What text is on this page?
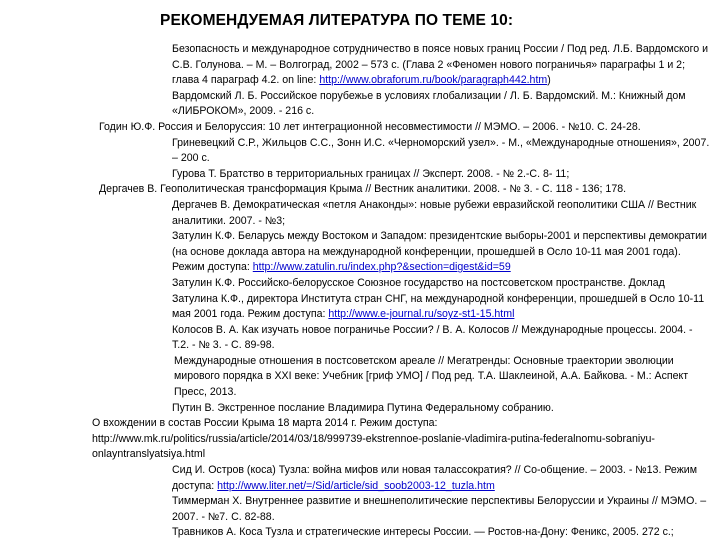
РЕКОМЕНДУЕМАЯ ЛИТЕРАТУРА ПО ТЕМЕ 10:

Безопасность и международное сотрудничество в поясе новых границ России / Под ред. Л.Б. Вардомского и С.В. Голунова. – М. – Волгоград, 2002 – 573 с. (Глава 2 «Феномен нового пограничья» параграфы 1 и 2; глава 4 параграф 4.2. on line: http://www.obraforum.ru/book/paragraph442.htm)

Вардомский Л. Б. Российское порубежье в условиях глобализации / Л. Б. Вардомский. М.: Книжный дом «ЛИБРОКОМ», 2009. - 216 с.

Годин Ю.Ф. Россия и Белоруссия: 10 лет интеграционной несовместимости // МЭМО. – 2006. - №10. С. 24-28.

Гриневецкий С.Р., Жильцов С.С., Зонн И.С. «Черноморский узел». - М., «Международные отношения», 2007. – 200 с.

Гурова Т. Братство в территориальных границах // Эксперт. 2008. - № 2.-С. 8- 11;

Дергачев В. Геополитическая трансформация Крыма // Вестник аналитики. 2008. - № 3. - С. 118 - 136; 178.

Дергачев В. Демократическая «петля Анаконды»: новые рубежи евразийской геополитики США // Вестник аналитики. 2007. - №3;

Затулин К.Ф. Беларусь между Востоком и Западом: президентские выборы-2001 и перспективы демократии (на основе доклада автора на международной конференции, прошедшей в Осло 10-11 мая 2001 года). Режим доступа: http://www.zatulin.ru/index.php?&section=digest&id=59

Затулин К.Ф. Российско-белорусское Союзное государство на постсоветском пространстве. Доклад Затулина К.Ф., директора Института стран СНГ, на международной конференции, прошедшей в Осло 10-11 мая 2001 года. Режим доступа: http://www.e-journal.ru/soyz-st1-15.html

Колосов В. А. Как изучать новое пограничье России? / В. А. Колосов // Международные процессы. 2004. - Т.2. - № 3. - С. 89-98.

Международные отношения в постсоветском ареале // Мегатренды: Основные траектории эволюции мирового порядка в XXI веке: Учебник [гриф УМО] / Под ред. Т.А. Шаклеиной, А.А. Байкова. - М.: Аспект Пресс, 2013.

Путин В. Экстренное послание Владимира Путина Федеральному собранию.

О вхождении в состав России Крыма 18 марта 2014 г. Режим доступа: http://www.mk.ru/politics/russia/article/2014/03/18/999739-ekstrennoe-poslanie-vladimira-putina-federalnomu-sobraniyu-onlayntranslyatsiya.html

Сид И. Остров (коса) Тузла: война мифов или новая талассократия? // Со-общение. – 2003. - №13. Режим доступа: http://www.liter.net/=/Sid/article/sid_soob2003-12_tuzla.htm

Тиммерман Х. Внутреннее развитие и внешнеполитические перспективы Белоруссии и Украины // МЭМО. – 2007. - №7. С. 82-88.

Травников А. Коса Тузла и стратегические интересы России. — Ростов-на-Дону: Феникс, 2005. 272 с.;
